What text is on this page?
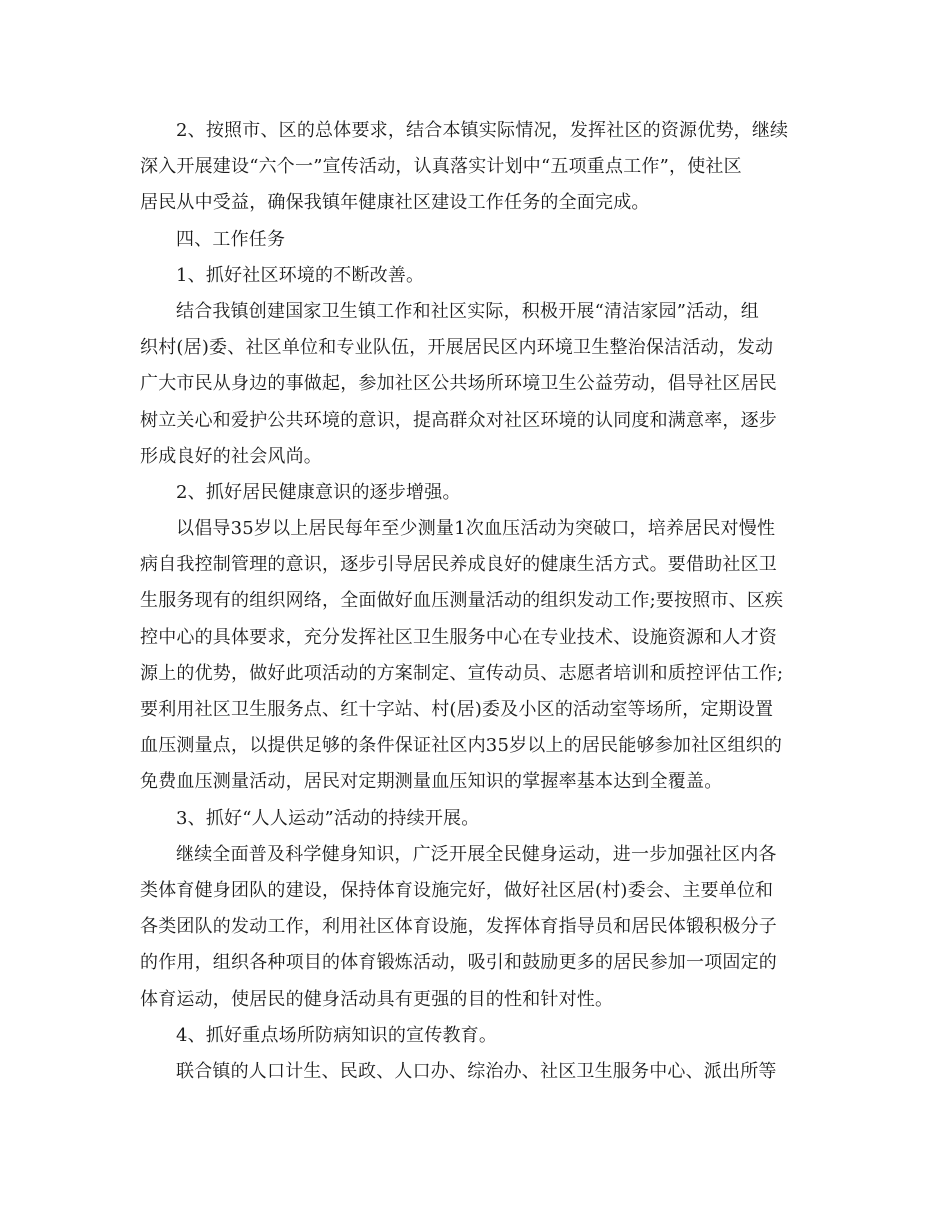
2、按照市、区的总体要求，结合本镇实际情况，发挥社区的资源优势，继续
深入开展建设“六个一”宣传活动，认真落实计划中“五项重点工作”，使社区
居民从中受益，确保我镇年健康社区建设工作任务的全面完成。
四、工作任务
1、抓好社区环境的不断改善。
结合我镇创建国家卫生镇工作和社区实际，积极开展“清洁家园”活动，组
织村(居)委、社区单位和专业队伍，开展居民区内环境卫生整治保洁活动，发动
广大市民从身边的事做起，参加社区公共场所环境卫生公益劳动，倡导社区居民
树立关心和爱护公共环境的意识，提高群众对社区环境的认同度和满意率，逐步
形成良好的社会风尚。
2、抓好居民健康意识的逐步增强。
以倡导35岁以上居民每年至少测量1次血压活动为突破口，培养居民对慢性
病自我控制管理的意识，逐步引导居民养成良好的健康生活方式。要借助社区卫
生服务现有的组织网络，全面做好血压测量活动的组织发动工作;要按照市、区疾
控中心的具体要求，充分发挥社区卫生服务中心在专业技术、设施资源和人才资
源上的优势，做好此项活动的方案制定、宣传动员、志愿者培训和质控评估工作;
要利用社区卫生服务点、红十字站、村(居)委及小区的活动室等场所，定期设置
血压测量点，以提供足够的条件保证社区内35岁以上的居民能够参加社区组织的
免费血压测量活动，居民对定期测量血压知识的掌握率基本达到全覆盖。
3、抓好“人人运动”活动的持续开展。
继续全面普及科学健身知识，广泛开展全民健身运动，进一步加强社区内各
类体育健身团队的建设，保持体育设施完好，做好社区居(村)委会、主要单位和
各类团队的发动工作，利用社区体育设施，发挥体育指导员和居民体锻积极分子
的作用，组织各种项目的体育锻炼活动，吸引和鼓励更多的居民参加一项固定的
体育运动，使居民的健身活动具有更强的目的性和针对性。
4、抓好重点场所防病知识的宣传教育。
联合镇的人口计生、民政、人口办、综治办、社区卫生服务中心、派出所等
